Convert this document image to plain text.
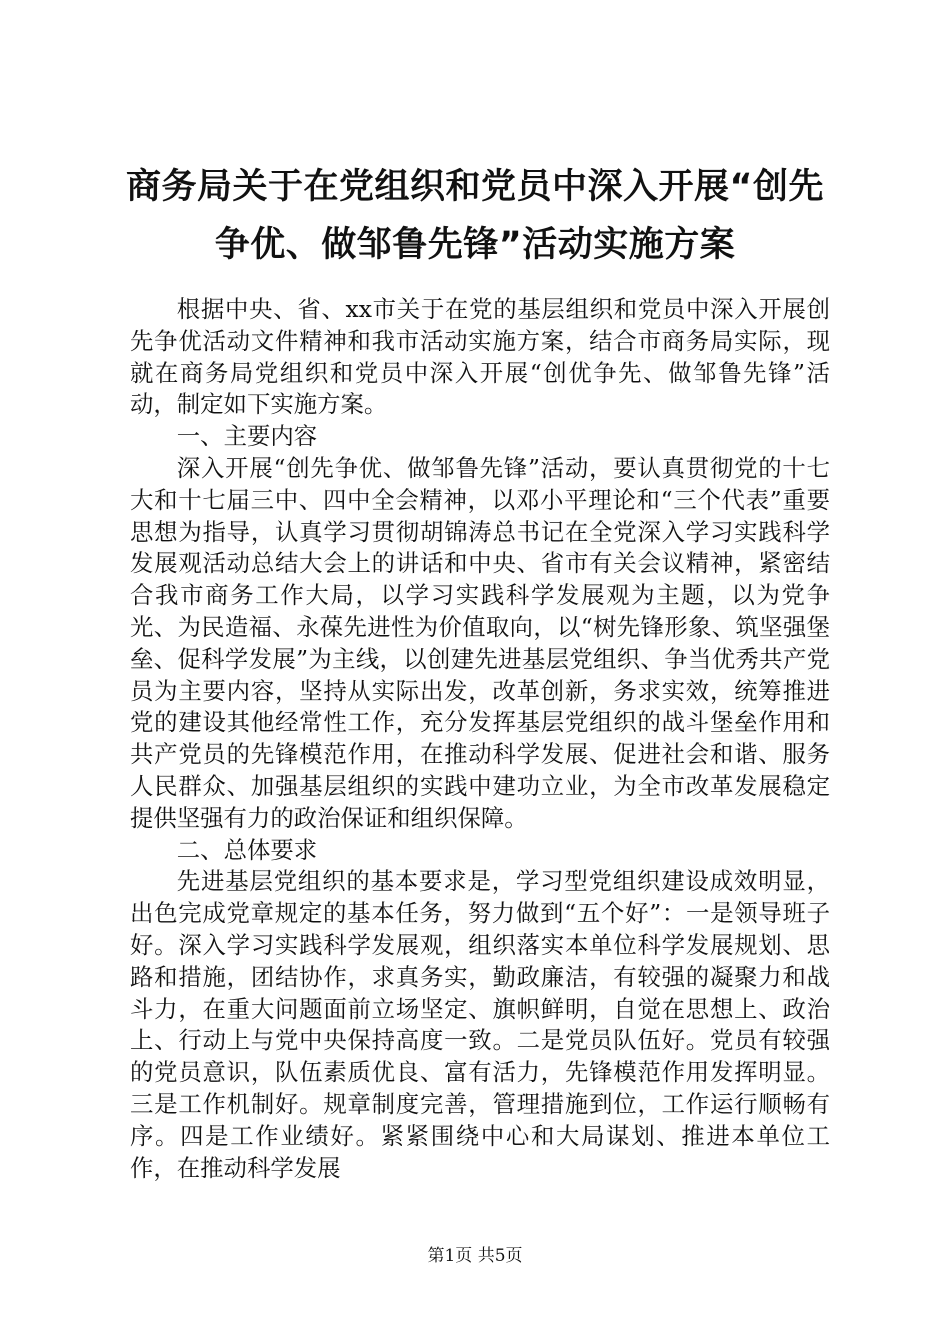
商务局关于在党组织和党员中深入开展“创先
争优、做邹鲁先锋”活动实施方案

根据中央、省、xx市关于在党的基层组织和党员中深入开展创先争优活动文件精神和我市活动实施方案，结合市商务局实际，现就在商务局党组织和党员中深入开展“创优争先、做邹鲁先锋”活动，制定如下实施方案。

一、主要内容

深入开展“创先争优、做邹鲁先锋”活动，要认真贯彻党的十七大和十七届三中、四中全会精神，以邓小平理论和“三个代表”重要思想为指导，认真学习贯彻胡锦涛总书记在全党深入学习实践科学发展观活动总结大会上的讲话和中央、省市有关会议精神，紧密结合我市商务工作大局，以学习实践科学发展观为主题，以为党争光、为民造福、永葆先进性为价值取向，以“树先锋形象、筑坚强堡垒、促科学发展”为主线，以创建先进基层党组织、争当优秀共产党员为主要内容，坚持从实际出发，改革创新，务求实效，统筹推进党的建设其他经常性工作，充分发挥基层党组织的战斗堡垒作用和共产党员的先锋模范作用，在推动科学发展、促进社会和谐、服务人民群众、加强基层组织的实践中建功立业，为全市改革发展稳定提供坚强有力的政治保证和组织保障。

二、总体要求

先进基层党组织的基本要求是，学习型党组织建设成效明显，出色完成党章规定的基本任务，努力做到“五个好”：一是领导班子好。深入学习实践科学发展观，组织落实本单位科学发展规划、思路和措施，团结协作，求真务实，勤政廉洁，有较强的凝聚力和战斗力，在重大问题面前立场坚定、旗帜鲜明，自觉在思想上、政治上、行动上与党中央保持高度一致。二是党员队伍好。党员有较强的党员意识，队伍素质优良、富有活力，先锋模范作用发挥明显。三是工作机制好。规章制度完善，管理措施到位，工作运行顺畅有序。四是工作业绩好。紧紧围绕中心和大局谋划、推进本单位工作，在推动科学发展

第1页 共5页
